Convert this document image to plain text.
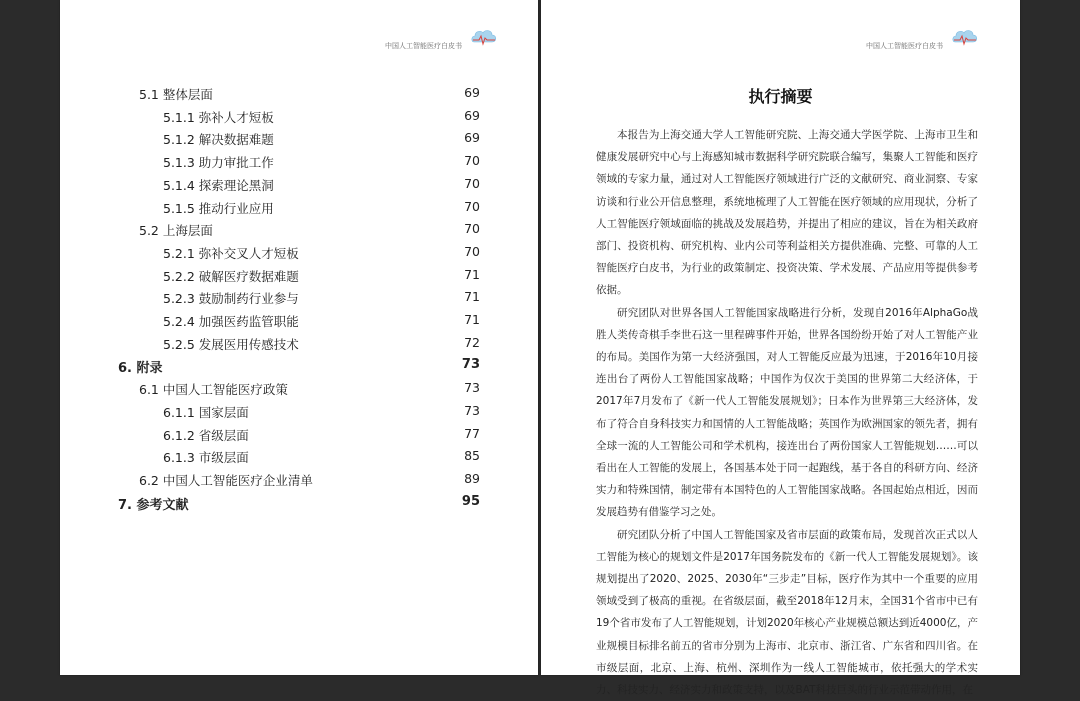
中国人工智能医疗白皮书
5.1 整体层面	69
5.1.1 弥补人才短板	69
5.1.2 解决数据难题	69
5.1.3 助力审批工作	70
5.1.4 探索理论黑洞	70
5.1.5 推动行业应用	70
5.2 上海层面	70
5.2.1 弥补交叉人才短板	70
5.2.2 破解医疗数据难题	71
5.2.3 鼓励制药行业参与	71
5.2.4 加强医药监管职能	71
5.2.5 发展医用传感技术	72
6. 附录	73
6.1 中国人工智能医疗政策	73
6.1.1 国家层面	73
6.1.2 省级层面	77
6.1.3 市级层面	85
6.2 中国人工智能医疗企业清单	89
7. 参考文献	95
中国人工智能医疗白皮书
执行摘要

本报告为上海交通大学人工智能研究院、上海交通大学医学院、上海市卫生和健康发展研究中心与上海感知城市数据科学研究院联合编写，集聚人工智能和医疗领域的专家力量，通过对人工智能医疗领域进行广泛的文献研究、商业洞察、专家访谈和行业公开信息整理，系统地梳理了人工智能在医疗领域的应用现状，分析了人工智能医疗领域面临的挑战及发展趋势，并提出了相应的建议，旨在为相关政府部门、投资机构、研究机构、业内公司等利益相关方提供准确、完整、可靠的人工智能医疗白皮书，为行业的政策制定、投资决策、学术发展、产品应用等提供参考依据。

研究团队对世界各国人工智能国家战略进行分析，发现自2016年AlphaGo战胜人类传奇棋手李世石这一里程碑事件开始，世界各国纷纷开始了对人工智能产业的布局。美国作为第一大经济强国，对人工智能反应最为迅速，于2016年10月接连出台了两份人工智能国家战略；中国作为仅次于美国的世界第二大经济体，于2017年7月发布了《新一代人工智能发展规划》；日本作为世界第三大经济体，发布了符合自身科技实力和国情的人工智能战略；英国作为欧洲国家的领先者，拥有全球一流的人工智能公司和学术机构，接连出台了两份国家人工智能规划……可以看出在人工智能的发展上，各国基本处于同一起跑线，基于各自的科研方向、经济实力和特殊国情，制定带有本国特色的人工智能国家战略。各国起始点相近，因而发展趋势有借鉴学习之处。

研究团队分析了中国人工智能国家及省市层面的政策布局，发现首次正式以人工智能为核心的规划文件是2017年国务院发布的《新一代人工智能发展规划》。该规划提出了2020、2025、2030年“三步走”目标，医疗作为其中一个重要的应用领域受到了极高的重视。在省级层面，截至2018年12月末，全国31个省市中已有19个省市发布了人工智能规划，计划2020年核心产业规模总额达到近4000亿，产业规模目标排名前五的省市分别为上海市、北京市、浙江省、广东省和四川省。在市级层面，北京、上海、杭州、深圳作为一线人工智能城市，依托强大的学术实力、科技实力、经济实力和政策支持，以及BAT科技巨头的行业示范带动作用，在
